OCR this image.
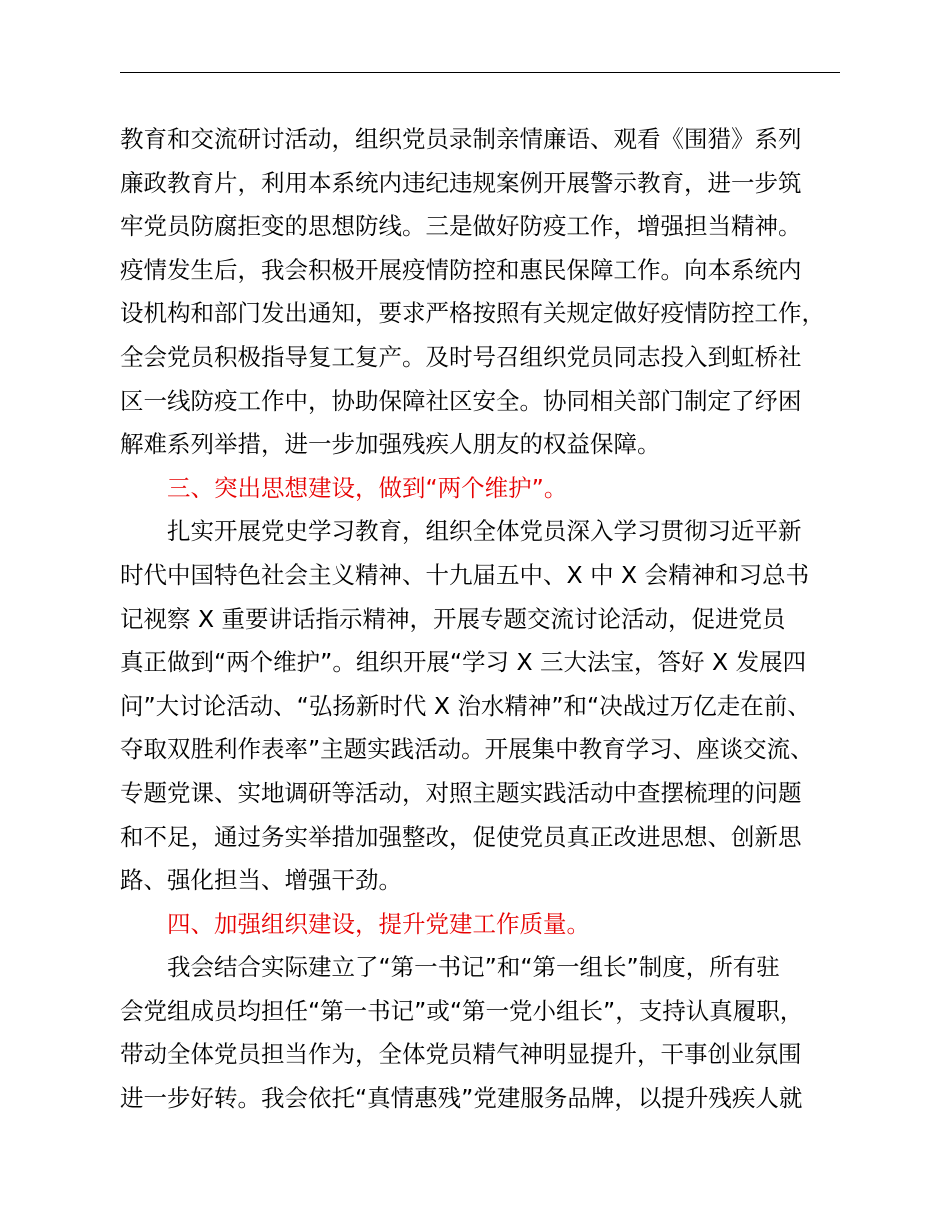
教育和交流研讨活动，组织党员录制亲情廉语、观看《围猎》系列
廉政教育片，利用本系统内违纪违规案例开展警示教育，进一步筑
牢党员防腐拒变的思想防线。三是做好防疫工作，增强担当精神。
疫情发生后，我会积极开展疫情防控和惠民保障工作。向本系统内
设机构和部门发出通知，要求严格按照有关规定做好疫情防控工作，
全会党员积极指导复工复产。及时号召组织党员同志投入到虹桥社
区一线防疫工作中，协助保障社区安全。协同相关部门制定了纾困
解难系列举措，进一步加强残疾人朋友的权益保障。
三、突出思想建设，做到“两个维护”。
扎实开展党史学习教育，组织全体党员深入学习贯彻习近平新
时代中国特色社会主义精神、十九届五中、X 中 X 会精神和习总书
记视察 X 重要讲话指示精神，开展专题交流讨论活动，促进党员
真正做到“两个维护”。组织开展“学习 X 三大法宝，答好 X 发展四
问”大讨论活动、“弘扬新时代 X 治水精神”和“决战过万亿走在前、
夺取双胜利作表率”主题实践活动。开展集中教育学习、座谈交流、
专题党课、实地调研等活动，对照主题实践活动中查摆梳理的问题
和不足，通过务实举措加强整改，促使党员真正改进思想、创新思
路、强化担当、增强干劲。
四、加强组织建设，提升党建工作质量。
我会结合实际建立了“第一书记”和“第一组长”制度，所有驻
会党组成员均担任“第一书记”或“第一党小组长”，支持认真履职，
带动全体党员担当作为，全体党员精气神明显提升，干事创业氛围
进一步好转。我会依托“真情惠残”党建服务品牌，以提升残疾人就
